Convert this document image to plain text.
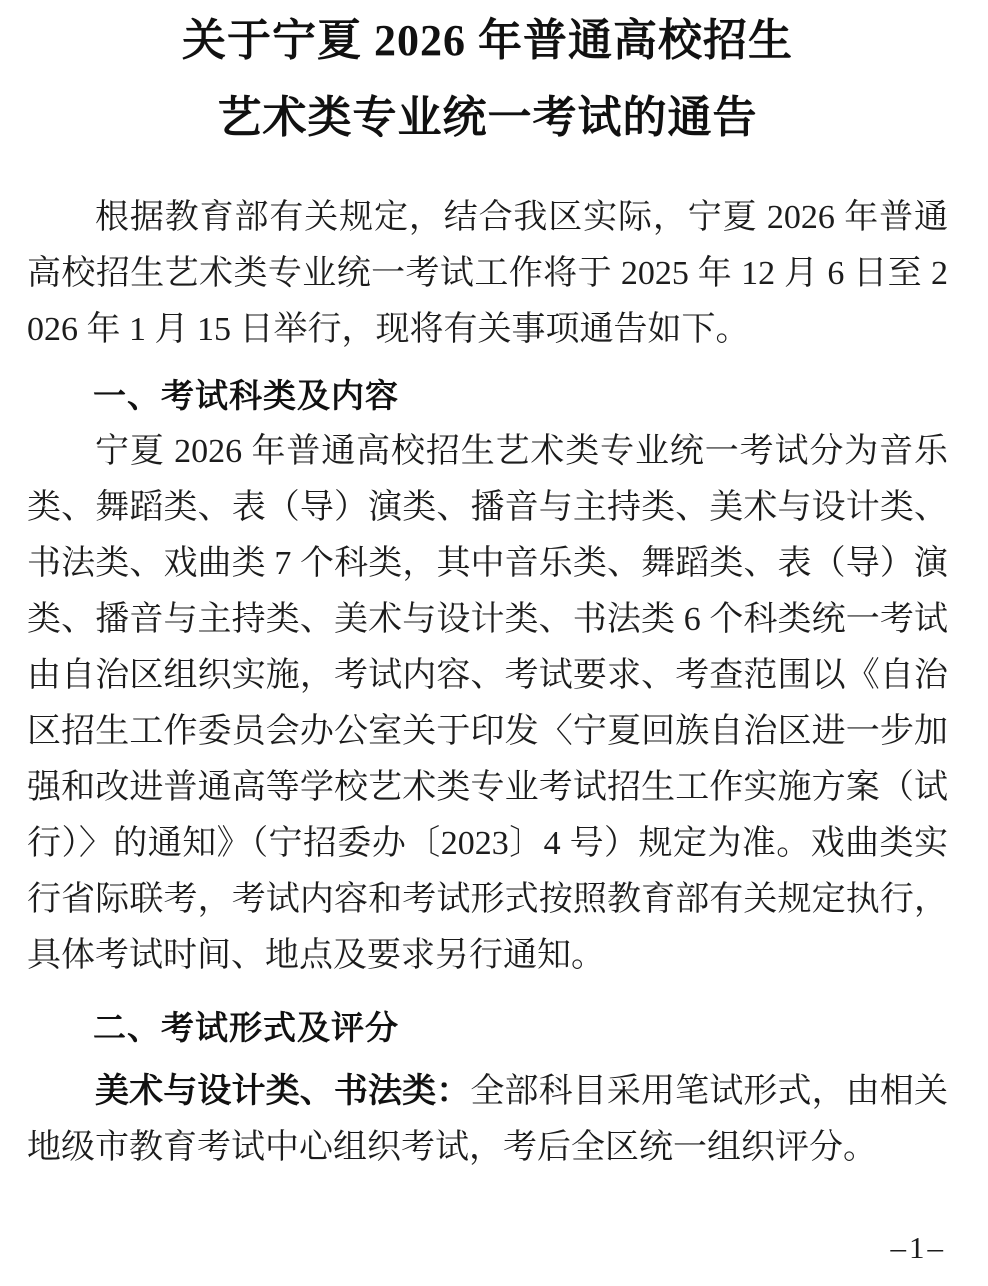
关于宁夏 2026 年普通高校招生
艺术类专业统一考试的通告

根据教育部有关规定，结合我区实际，宁夏 2026 年普通高校招生艺术类专业统一考试工作将于 2025 年 12 月 6 日至 2026 年 1 月 15 日举行，现将有关事项通告如下。

一、考试科类及内容

宁夏 2026 年普通高校招生艺术类专业统一考试分为音乐类、舞蹈类、表（导）演类、播音与主持类、美术与设计类、书法类、戏曲类 7 个科类，其中音乐类、舞蹈类、表（导）演类、播音与主持类、美术与设计类、书法类 6 个科类统一考试由自治区组织实施，考试内容、考试要求、考查范围以《自治区招生工作委员会办公室关于印发〈宁夏回族自治区进一步加强和改进普通高等学校艺术类专业考试招生工作实施方案（试行）〉的通知》（宁招委办〔2023〕4 号）规定为准。戏曲类实行省际联考，考试内容和考试形式按照教育部有关规定执行，具体考试时间、地点及要求另行通知。

二、考试形式及评分

美术与设计类、书法类：全部科目采用笔试形式，由相关地级市教育考试中心组织考试，考后全区统一组织评分。

–1–
